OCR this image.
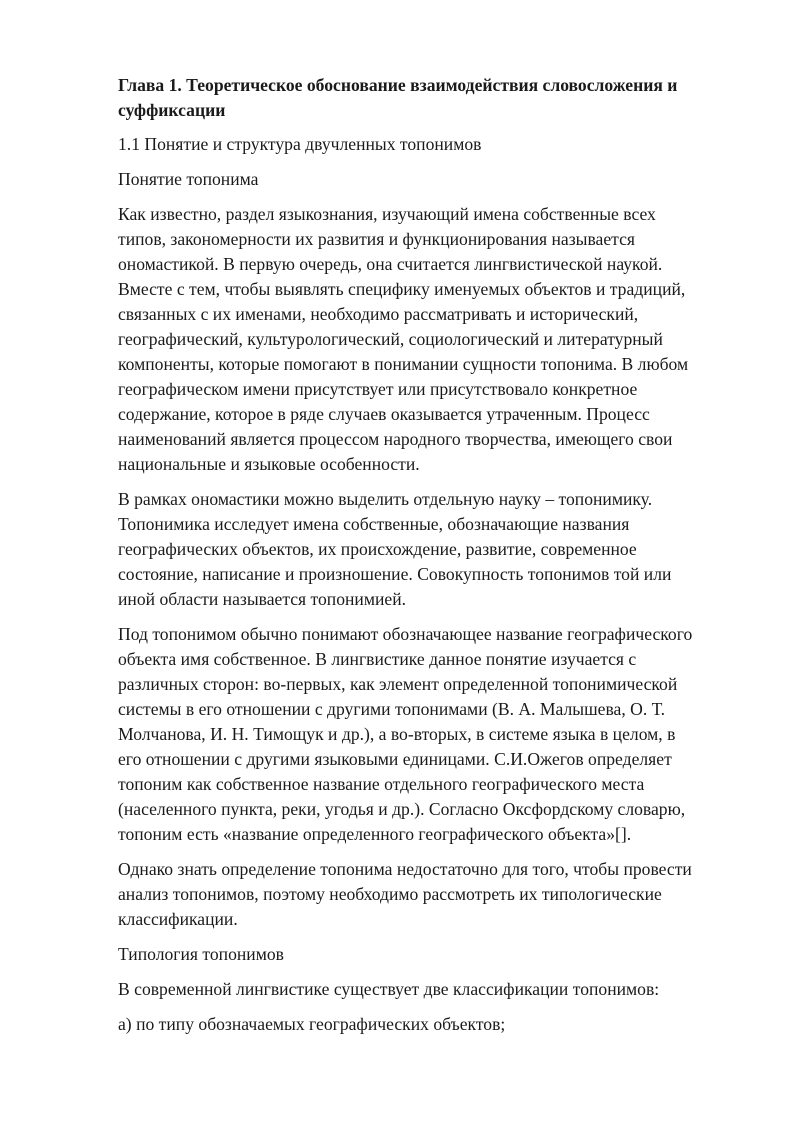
Глава 1. Теоретическое обоснование взаимодействия словосложения и
суффиксации

1.1 Понятие и структура двучленных топонимов

Понятие топонима

Как известно, раздел языкознания, изучающий имена собственные всех
типов, закономерности их развития и функционирования называется
ономастикой. В первую очередь, она считается лингвистической наукой.
Вместе с тем, чтобы выявлять специфику именуемых объектов и традиций,
связанных с их именами, необходимо рассматривать и исторический,
географический, культурологический, социологический и литературный
компоненты, которые помогают в понимании сущности топонима. В любом
географическом имени присутствует или присутствовало конкретное
содержание, которое в ряде случаев оказывается утраченным. Процесс
наименований является процессом народного творчества, имеющего свои
национальные и языковые особенности.

В рамках ономастики можно выделить отдельную науку – топонимику.
Топонимика исследует имена собственные, обозначающие названия
географических объектов, их происхождение, развитие, современное
состояние, написание и произношение. Совокупность топонимов той или
иной области называется топонимией.

Под топонимом обычно понимают обозначающее название географического
объекта имя собственное. В лингвистике данное понятие изучается с
различных сторон: во-первых, как элемент определенной топонимической
системы в его отношении с другими топонимами (В. А. Малышева, О. Т.
Молчанова, И. Н. Тимощук и др.), а во-вторых, в системе языка в целом, в
его отношении с другими языковыми единицами. С.И.Ожегов определяет
топоним как собственное название отдельного географического места
(населенного пункта, реки, угодья и др.). Согласно Оксфордскому словарю,
топоним есть «название определенного географического объекта»[].

Однако знать определение топонима недостаточно для того, чтобы провести
анализ топонимов, поэтому необходимо рассмотреть их типологические
классификации.

Типология топонимов

В современной лингвистике существует две классификации топонимов:

а) по типу обозначаемых географических объектов;
